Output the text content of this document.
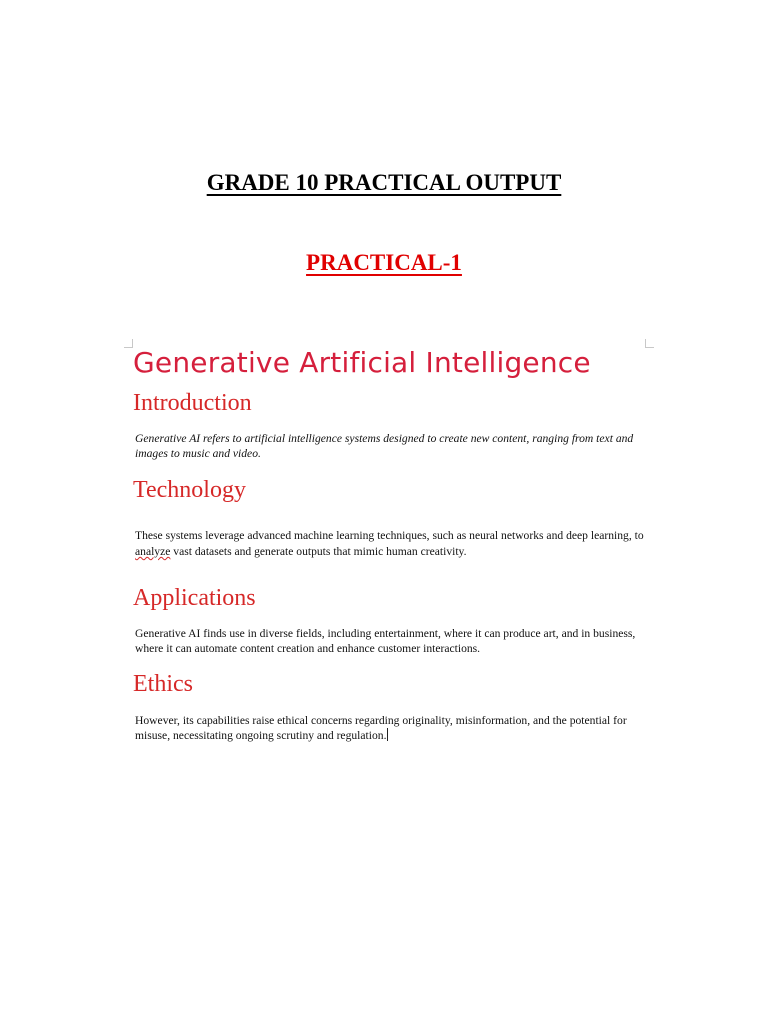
GRADE 10 PRACTICAL OUTPUT
PRACTICAL-1
Generative Artificial Intelligence
Introduction
Generative AI refers to artificial intelligence systems designed to create new content, ranging from text and images to music and video.
Technology
These systems leverage advanced machine learning techniques, such as neural networks and deep learning, to analyze vast datasets and generate outputs that mimic human creativity.
Applications
Generative AI finds use in diverse fields, including entertainment, where it can produce art, and in business, where it can automate content creation and enhance customer interactions.
Ethics
However, its capabilities raise ethical concerns regarding originality, misinformation, and the potential for misuse, necessitating ongoing scrutiny and regulation.
